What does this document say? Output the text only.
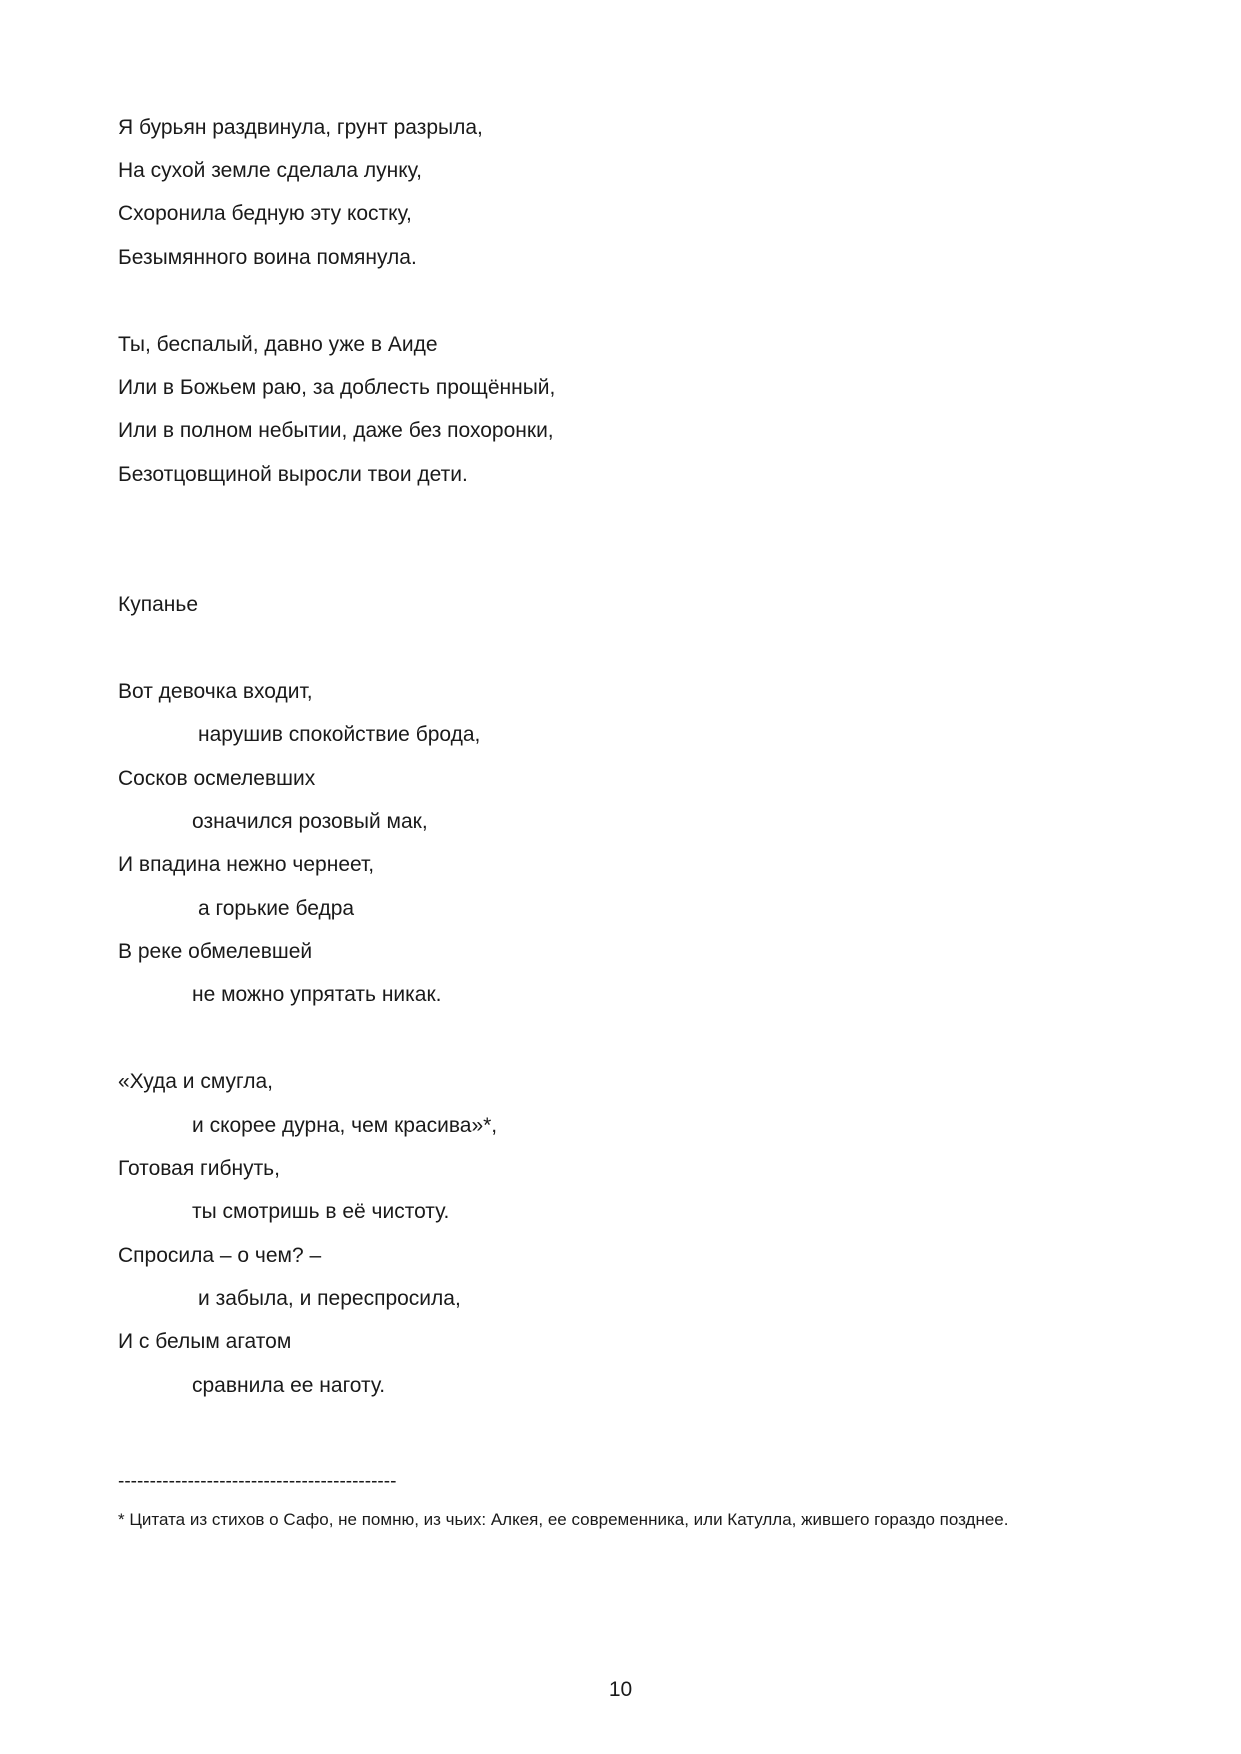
Я бурьян раздвинула, грунт разрыла,
На сухой земле сделала лунку,
Схоронила бедную эту костку,
Безымянного воина помянула.
Ты, беспалый, давно уже в Аиде
Или в Божьем раю, за доблесть прощённый,
Или в полном небытии, даже без похоронки,
Безотцовщиной выросли твои дети.
Купанье
Вот девочка входит,
нарушив спокойствие брода,
Сосков осмелевших
означился розовый мак,
И впадина нежно чернеет,
а горькие бедра
В реке обмелевшей
не можно упрятать никак.
«Худа и смугла,
и скорее дурна, чем красива»*,
Готовая гибнуть,
ты смотришь в её чистоту.
Спросила – о чем? –
и забыла, и переспросила,
И с белым агатом
сравнила ее наготу.
--------------------------------------------
* Цитата из стихов о Сафо, не помню, из чьих: Алкея, ее современника, или Катулла, жившего гораздо позднее.
10
